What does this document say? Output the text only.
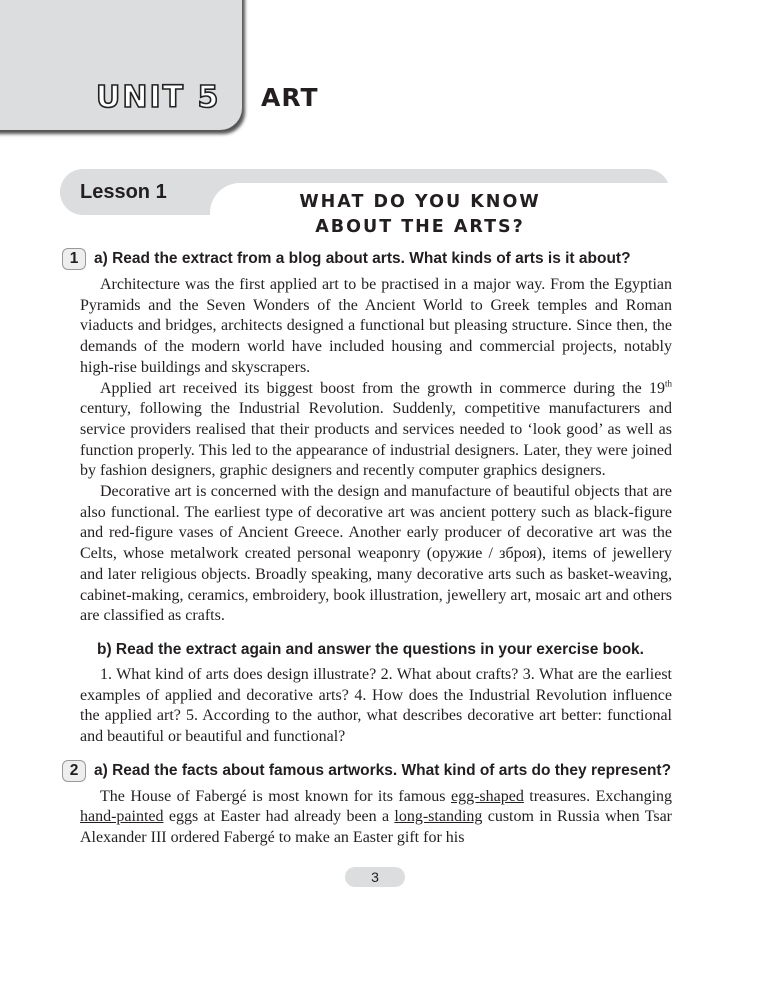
UNIT 5 ART
Lesson 1	WHAT DO YOU KNOW
ABOUT THE ARTS?
1	a) Read the extract from a blog about arts. What kinds of arts is it about?

Architecture was the first applied art to be practised in a major way. From the Egyptian Pyramids and the Seven Wonders of the Ancient World to Greek temples and Roman viaducts and bridges, architects designed a functional but pleasing structure. Since then, the demands of the modern world have included housing and commercial projects, notably high-rise buildings and skyscrapers.

Applied art received its biggest boost from the growth in commerce during the 19th century, following the Industrial Revolution. Suddenly, competitive manufacturers and service providers realised that their products and services needed to ‘look good’ as well as function properly. This led to the appearance of industrial designers. Later, they were joined by fashion designers, graphic designers and recently computer graphics designers.

Decorative art is concerned with the design and manufacture of beautiful objects that are also functional. The earliest type of decorative art was ancient pottery such as black-figure and red-figure vases of Ancient Greece. Another early producer of decorative art was the Celts, whose metalwork created personal weaponry (оружие / зброя), items of jewellery and later religious objects. Broadly speaking, many decorative arts such as basket-weaving, cabinet-making, ceramics, embroidery, book illustration, jewellery art, mosaic art and others are classified as crafts.

b) Read the extract again and answer the questions in your exercise book.

1. What kind of arts does design illustrate? 2. What about crafts? 3. What are the earliest examples of applied and decorative arts? 4. How does the Industrial Revolution influence the applied art? 5. According to the author, what describes decorative art better: functional and beautiful or beautiful and functional?

2	a) Read the facts about famous artworks. What kind of arts do they represent?

The House of Fabergé is most known for its famous egg-shaped treasures. Exchanging hand-painted eggs at Easter had already been a long-standing custom in Russia when Tsar Alexander III ordered Fabergé to make an Easter gift for his

3
